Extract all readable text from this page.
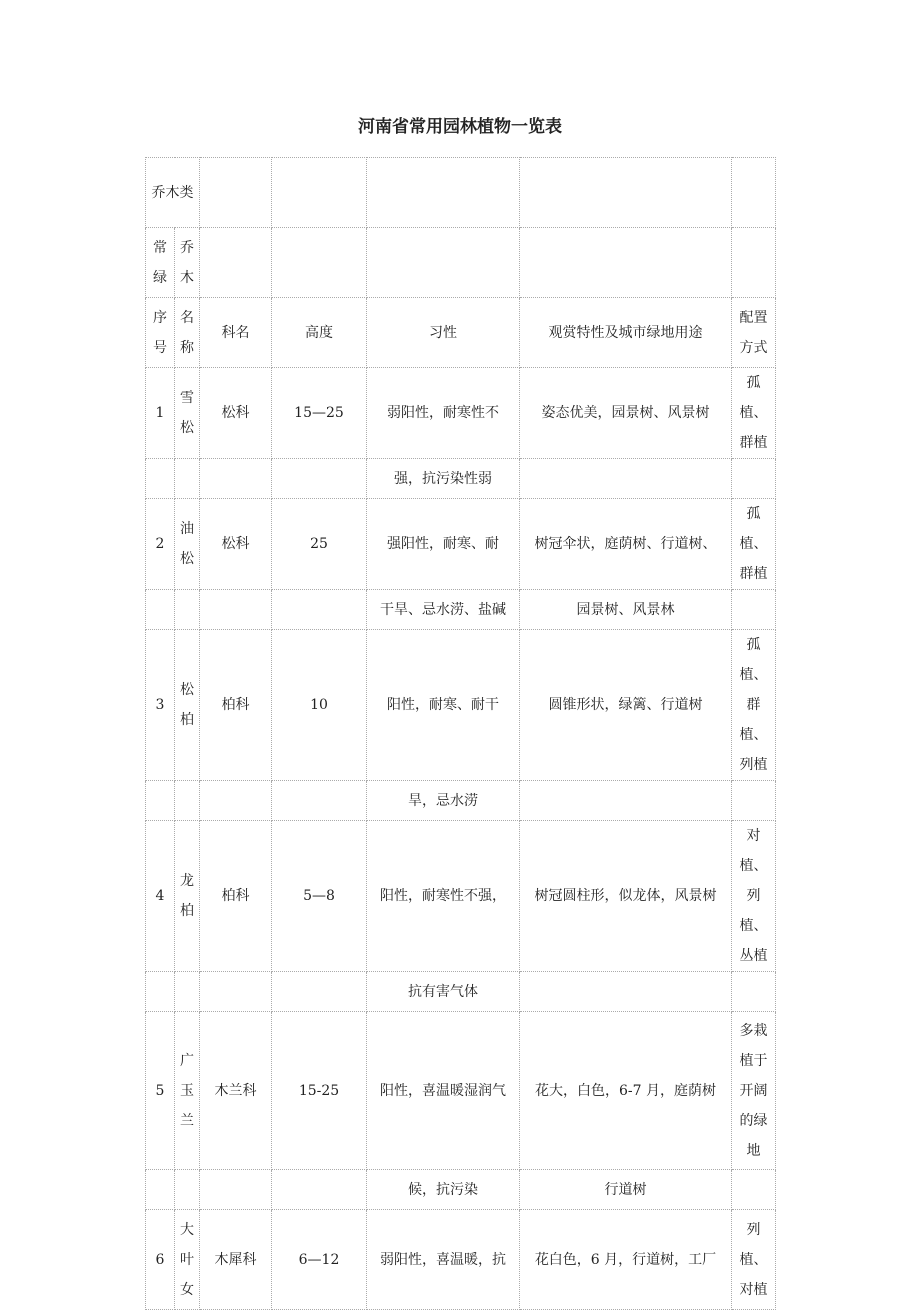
河南省常用园林植物一览表
乔木类						
常绿	乔木					
序号	名称	科名	高度	习性	观赏特性及城市绿地用途	配置方式
1	雪松	松科	15—25	弱阳性，耐寒性不	姿态优美，园景树、风景树	孤植、群植
				强，抗污染性弱		
2	油松	松科	25	强阳性，耐寒、耐	树冠伞状，庭荫树、行道树、	孤植、群植
				干旱、忌水涝、盐碱	园景树、风景林	
3	松柏	柏科	10	阳性，耐寒、耐干	圆锥形状，绿篱、行道树	孤植、群植、列植
				旱，忌水涝		
4	龙柏	柏科	5—8	阳性，耐寒性不强，	树冠圆柱形，似龙体，风景树	对植、列植、丛植
				抗有害气体		
5	广玉兰	木兰科	15-25	阳性，喜温暖湿润气	花大，白色，6-7 月，庭荫树	多栽植于开阔的绿地
				候，抗污染	行道树	
6	大叶女	木犀科	6—12	弱阳性，喜温暖，抗	花白色，6 月，行道树，工厂	列植、对植
